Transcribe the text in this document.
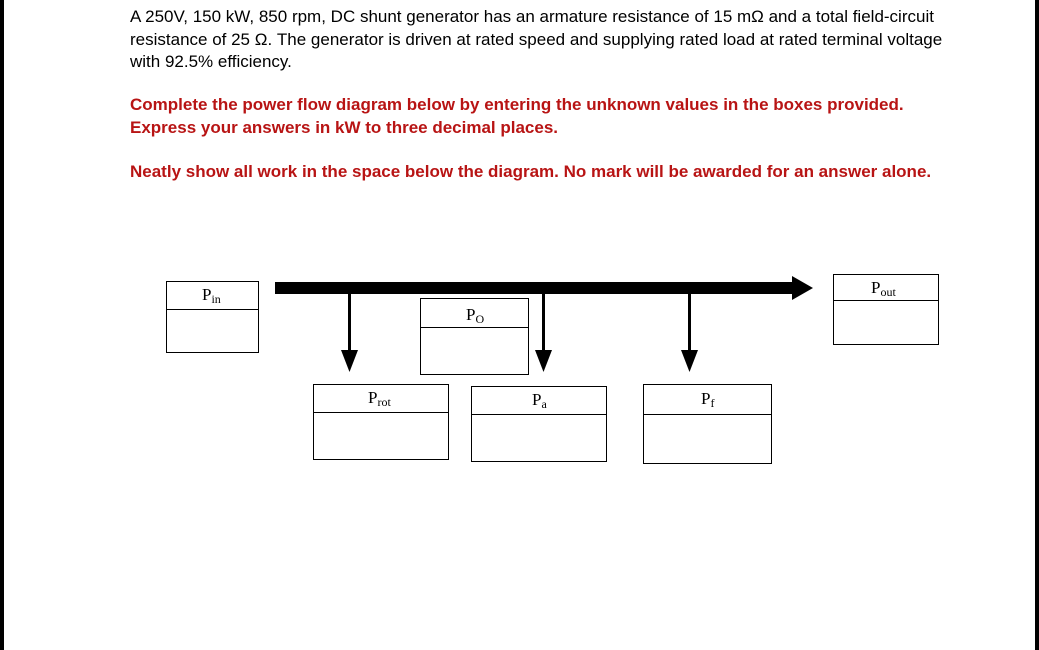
A 250V, 150 kW, 850 rpm, DC shunt generator has an armature resistance of 15 mΩ and a total field-circuit resistance of 25 Ω. The generator is driven at rated speed and supplying rated load at rated terminal voltage with 92.5% efficiency.
Complete the power flow diagram below by entering the unknown values in the boxes provided. Express your answers in kW to three decimal places.
Neatly show all work in the space below the diagram. No mark will be awarded for an answer alone.
$P_{in}$
$P_O$
$P_{out}$
$P_{rot}$	$P_a$	$P_f$
